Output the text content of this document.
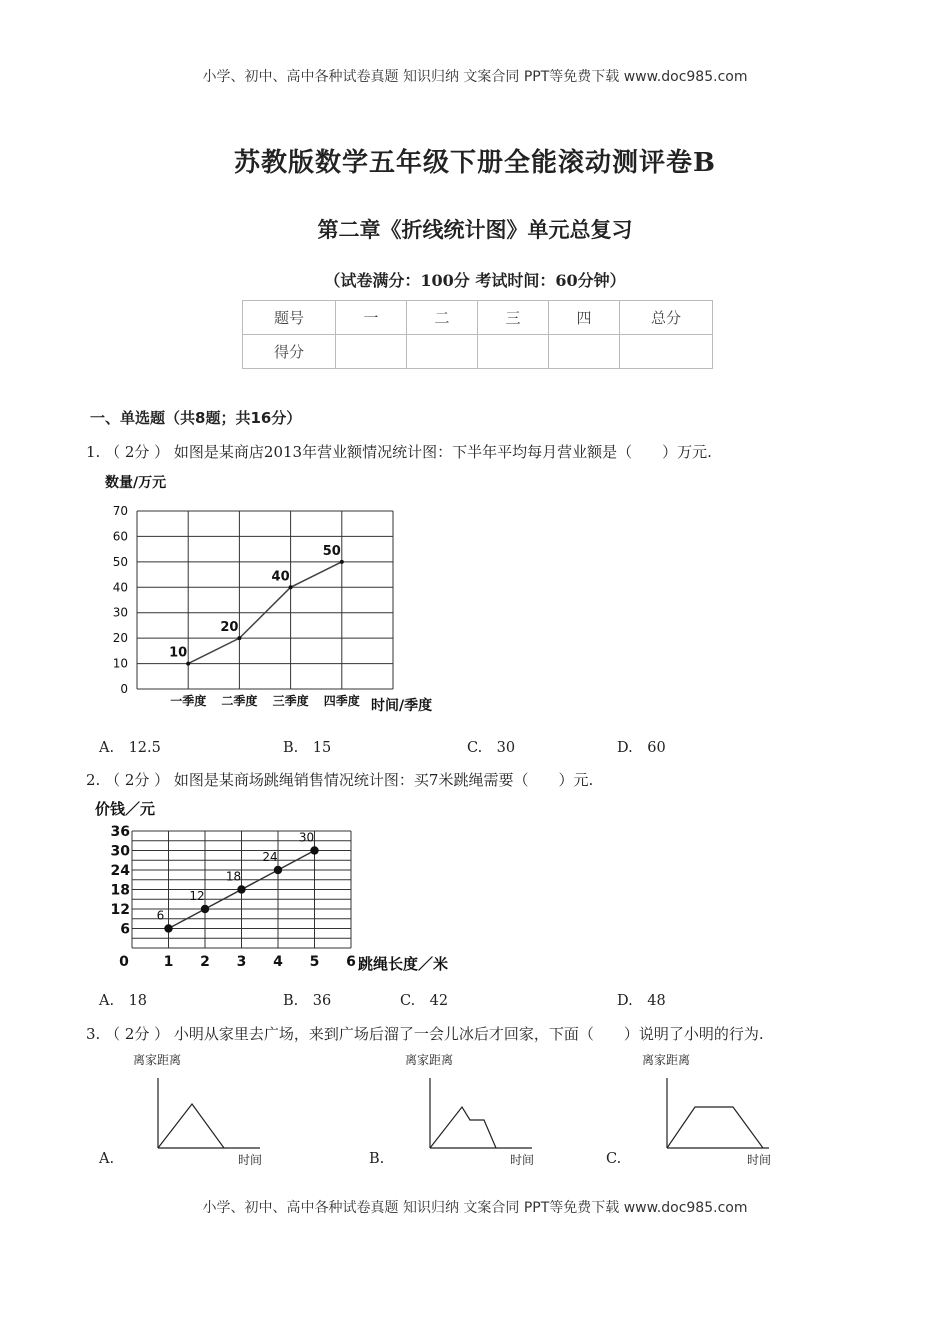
小学、初中、高中各种试卷真题 知识归纳 文案合同 PPT等免费下载 www.doc985.com
苏教版数学五年级下册全能滚动测评卷B
第二章《折线统计图》单元总复习
（试卷满分：100分 考试时间：60分钟）
题号	一	二	三	四	总分
得分					
一、单选题（共8题；共16分）
1. （ 2分 ） 如图是某商店2013年营业额情况统计图：下半年平均每月营业额是（　　）万元.
0
10
20
30
40
50
60
70
数量/万元
时间/季度
一季度 二季度 三季度 四季度
10
20
40
50
A.　12.5	B.　15	C.　30	D.　60
2. （ 2分 ） 如图是某商场跳绳销售情况统计图：买7米跳绳需要（　　）元.
6
12
18
24
30
36
0 1 2 3 4 5 6
价钱／元
跳绳长度／米
6
12
18
24
30
A.　18	B.　36	C.　42	D.　48
3. （ 2分 ） 小明从家里去广场，来到广场后溜了一会儿冰后才回家，下面（　　）说明了小明的行为.
A.
离家距离
时间	B.
离家距离
时间	C.
离家距离
时间
小学、初中、高中各种试卷真题 知识归纳 文案合同 PPT等免费下载 www.doc985.com
